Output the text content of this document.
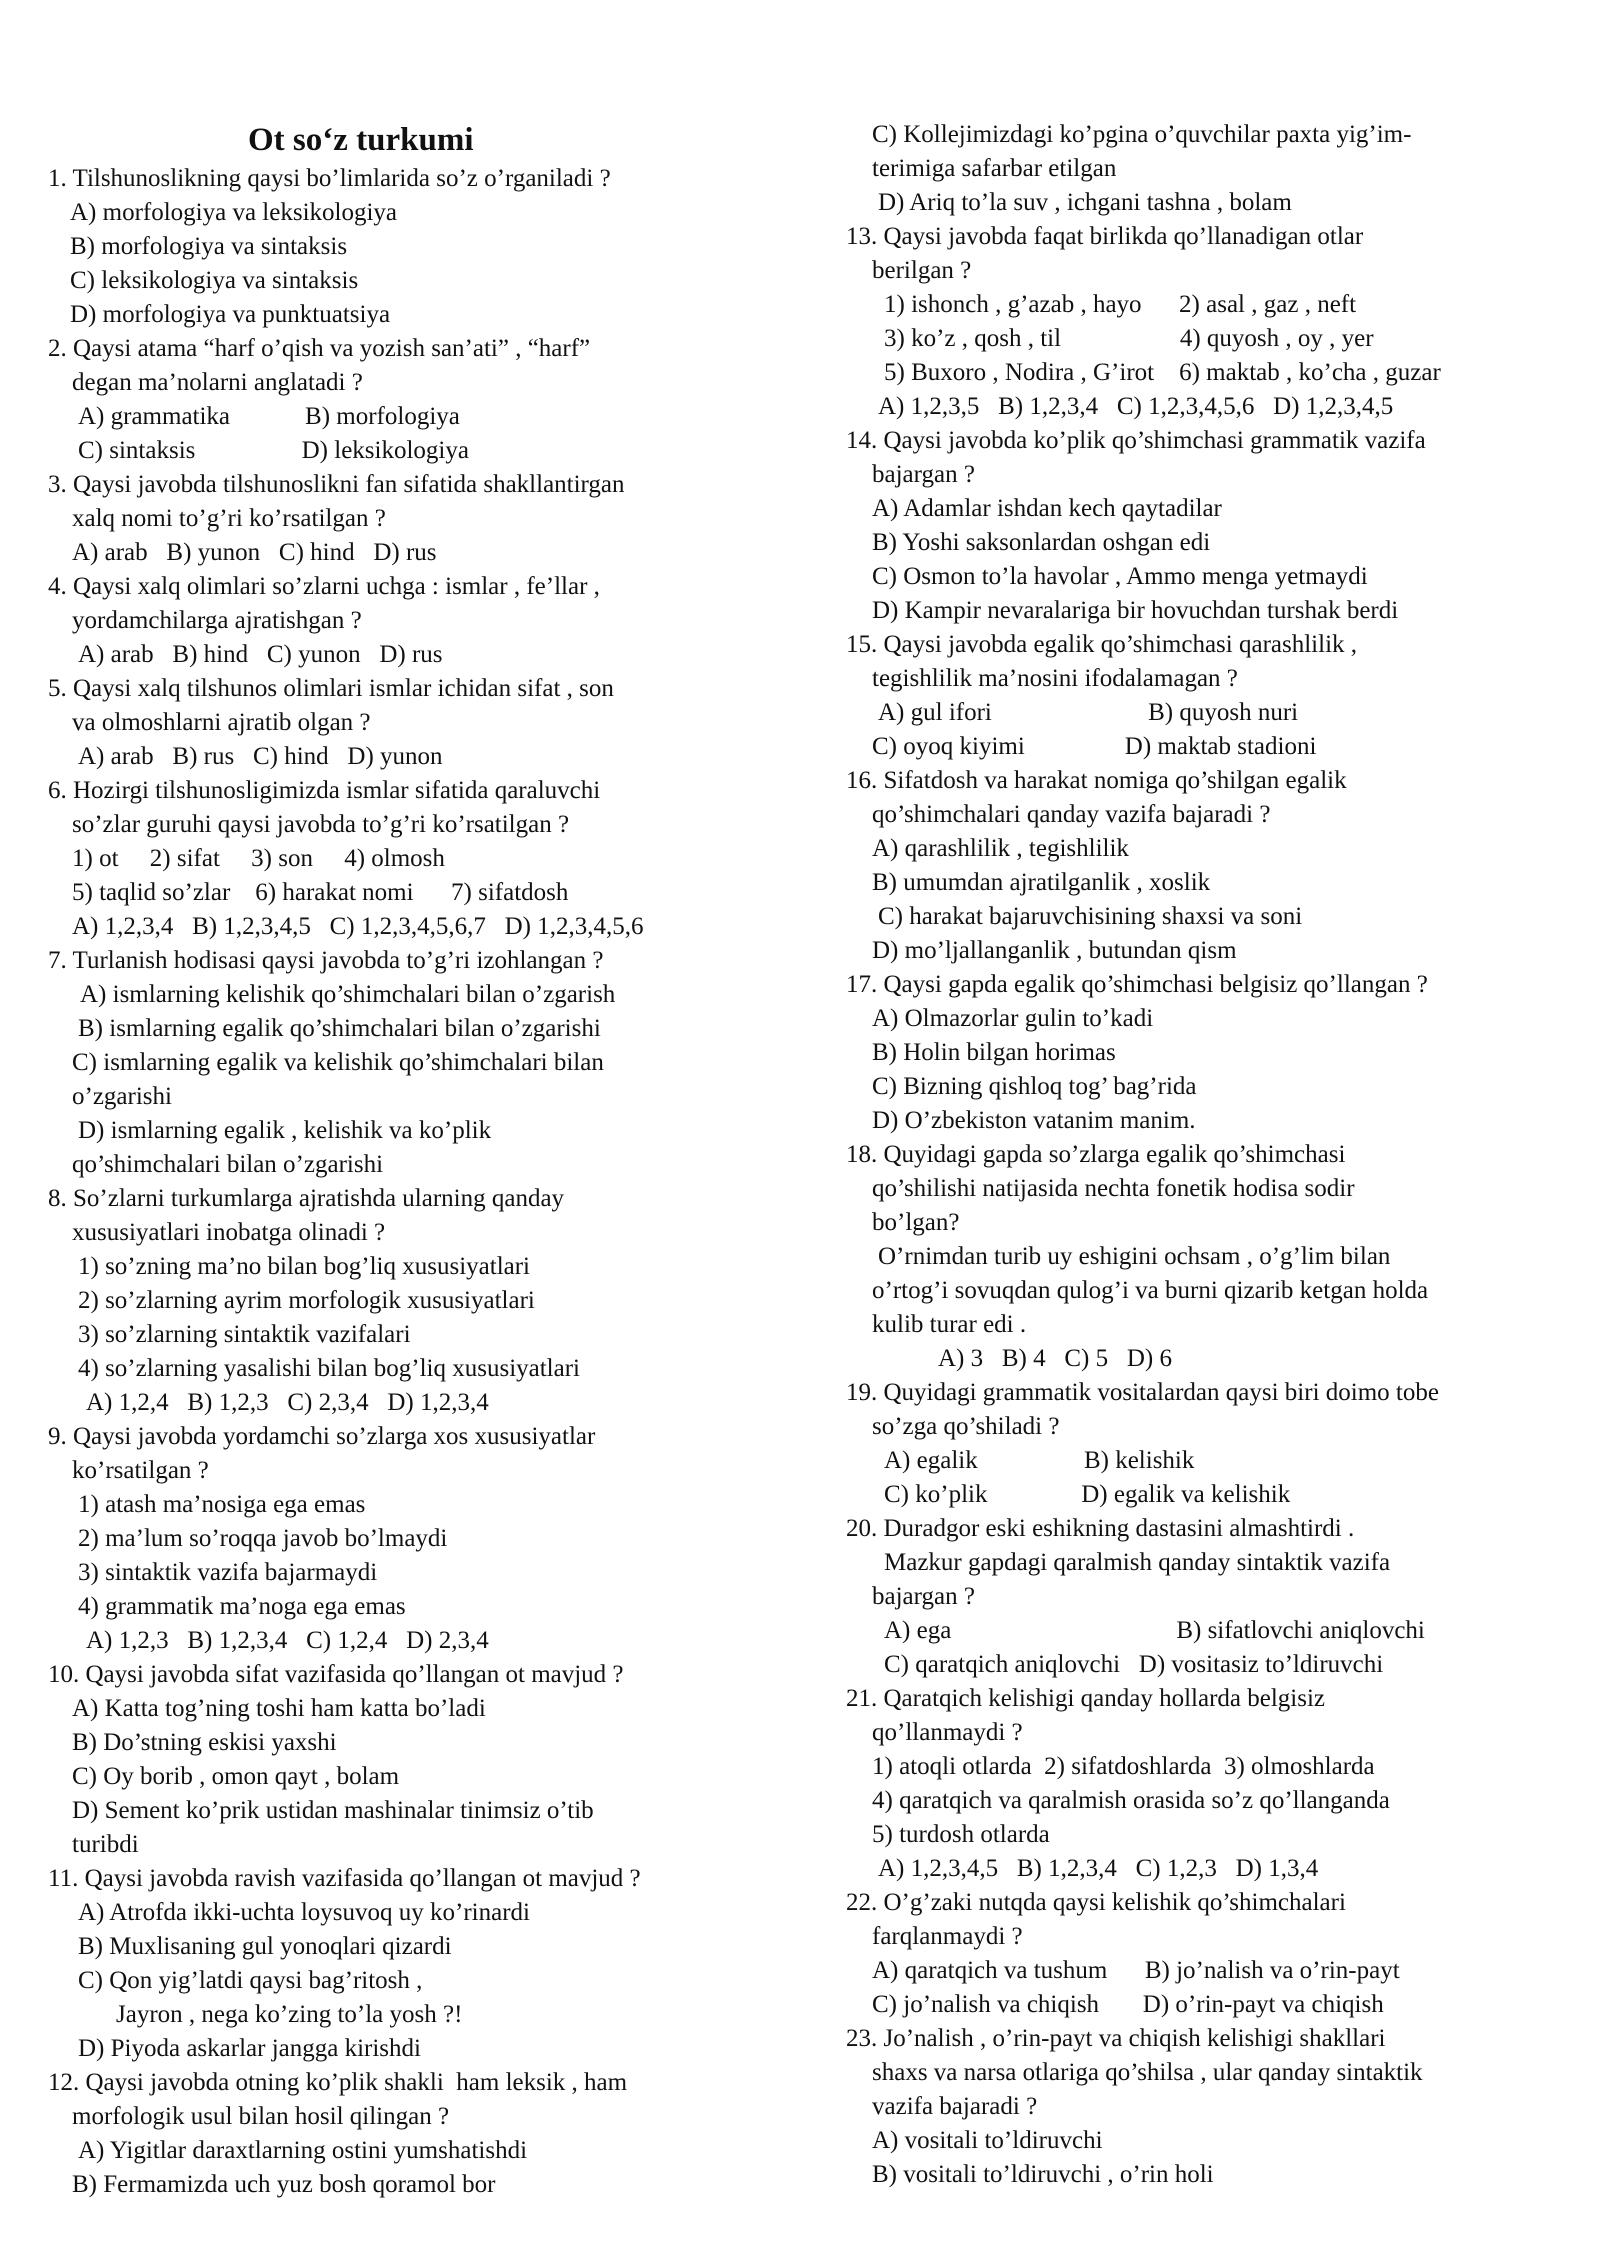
Ot so‘z turkumi
1. Tilshunoslikning qaysi bo’limlarida so’z o’rganiladi ?
A) morfologiya va leksikologiya
B) morfologiya va sintaksis
C) leksikologiya va sintaksis
D) morfologiya va punktuatsiya
2. Qaysi atama “harf o’qish va yozish san’ati” , “harf”
degan ma’nolarni anglatadi ?
A) grammatika            B) morfologiya
C) sintaksis                 D) leksikologiya
3. Qaysi javobda tilshunoslikni fan sifatida shakllantirgan
xalq nomi to’g’ri ko’rsatilgan ?
A) arab   B) yunon   C) hind   D) rus
4. Qaysi xalq olimlari so’zlarni uchga : ismlar , fe’llar ,
yordamchilarga ajratishgan ?
A) arab   B) hind   C) yunon   D) rus
5. Qaysi xalq tilshunos olimlari ismlar ichidan sifat , son
va olmoshlarni ajratib olgan ?
A) arab   B) rus   C) hind   D) yunon
6. Hozirgi tilshunosligimizda ismlar sifatida qaraluvchi
so’zlar guruhi qaysi javobda to’g’ri ko’rsatilgan ?
1) ot     2) sifat     3) son     4) olmosh
5) taqlid so’zlar    6) harakat nomi      7) sifatdosh
A) 1,2,3,4   B) 1,2,3,4,5   C) 1,2,3,4,5,6,7   D) 1,2,3,4,5,6
7. Turlanish hodisasi qaysi javobda to’g’ri izohlangan ?
A) ismlarning kelishik qo’shimchalari bilan o’zgarish
B) ismlarning egalik qo’shimchalari bilan o’zgarishi
C) ismlarning egalik va kelishik qo’shimchalari bilan
o’zgarishi
D) ismlarning egalik , kelishik va ko’plik
qo’shimchalari bilan o’zgarishi
8. So’zlarni turkumlarga ajratishda ularning qanday
xususiyatlari inobatga olinadi ?
1) so’zning ma’no bilan bog’liq xususiyatlari
2) so’zlarning ayrim morfologik xususiyatlari
3) so’zlarning sintaktik vazifalari
4) so’zlarning yasalishi bilan bog’liq xususiyatlari
A) 1,2,4   B) 1,2,3   C) 2,3,4   D) 1,2,3,4
9. Qaysi javobda yordamchi so’zlarga xos xususiyatlar
ko’rsatilgan ?
1) atash ma’nosiga ega emas
2) ma’lum so’roqqa javob bo’lmaydi
3) sintaktik vazifa bajarmaydi
4) grammatik ma’noga ega emas
A) 1,2,3   B) 1,2,3,4   C) 1,2,4   D) 2,3,4
10. Qaysi javobda sifat vazifasida qo’llangan ot mavjud ?
A) Katta tog’ning toshi ham katta bo’ladi
B) Do’stning eskisi yaxshi
C) Oy borib , omon qayt , bolam
D) Sement ko’prik ustidan mashinalar tinimsiz o’tib
turibdi
11. Qaysi javobda ravish vazifasida qo’llangan ot mavjud ?
A) Atrofda ikki-uchta loysuvoq uy ko’rinardi
B) Muxlisaning gul yonoqlari qizardi
C) Qon yig’latdi qaysi bag’ritosh ,
Jayron , nega ko’zing to’la yosh ?!
D) Piyoda askarlar jangga kirishdi
12. Qaysi javobda otning ko’plik shakli  ham leksik , ham
morfologik usul bilan hosil qilingan ?
A) Yigitlar daraxtlarning ostini yumshatishdi
B) Fermamizda uch yuz bosh qoramol bor
C) Kollejimizdagi ko’pgina o’quvchilar paxta yig’im-
terimiga safarbar etilgan
D) Ariq to’la suv , ichgani tashna , bolam
13. Qaysi javobda faqat birlikda qo’llanadigan otlar
berilgan ?
1) ishonch , g’azab , hayo      2) asal , gaz , neft
3) ko’z , qosh , til                   4) quyosh , oy , yer
5) Buxoro , Nodira , G’irot    6) maktab , ko’cha , guzar
A) 1,2,3,5   B) 1,2,3,4   C) 1,2,3,4,5,6   D) 1,2,3,4,5
14. Qaysi javobda ko’plik qo’shimchasi grammatik vazifa
bajargan ?
A) Adamlar ishdan kech qaytadilar
B) Yoshi saksonlardan oshgan edi
C) Osmon to’la havolar , Ammo menga yetmaydi
D) Kampir nevaralariga bir hovuchdan turshak berdi
15. Qaysi javobda egalik qo’shimchasi qarashlilik ,
tegishlilik ma’nosini ifodalamagan ?
A) gul ifori                         B) quyosh nuri
C) oyoq kiyimi                D) maktab stadioni
16. Sifatdosh va harakat nomiga qo’shilgan egalik
qo’shimchalari qanday vazifa bajaradi ?
A) qarashlilik , tegishlilik
B) umumdan ajratilganlik , xoslik
C) harakat bajaruvchisining shaxsi va soni
D) mo’ljallanganlik , butundan qism
17. Qaysi gapda egalik qo’shimchasi belgisiz qo’llangan ?
A) Olmazorlar gulin to’kadi
B) Holin bilgan horimas
C) Bizning qishloq tog’ bag’rida
D) O’zbekiston vatanim manim.
18. Quyidagi gapda so’zlarga egalik qo’shimchasi
qo’shilishi natijasida nechta fonetik hodisa sodir
bo’lgan?
O’rnimdan turib uy eshigini ochsam , o’g’lim bilan
o’rtog’i sovuqdan qulog’i va burni qizarib ketgan holda
kulib turar edi .
A) 3   B) 4   C) 5   D) 6
19. Quyidagi grammatik vositalardan qaysi biri doimo tobe
so’zga qo’shiladi ?
A) egalik                 B) kelishik
C) ko’plik               D) egalik va kelishik
20. Duradgor eski eshikning dastasini almashtirdi .
Mazkur gapdagi qaralmish qanday sintaktik vazifa
bajargan ?
A) ega                                    B) sifatlovchi aniqlovchi
C) qaratqich aniqlovchi   D) vositasiz to’ldiruvchi
21. Qaratqich kelishigi qanday hollarda belgisiz
qo’llanmaydi ?
1) atoqli otlarda  2) sifatdoshlarda  3) olmoshlarda
4) qaratqich va qaralmish orasida so’z qo’llanganda
5) turdosh otlarda
A) 1,2,3,4,5   B) 1,2,3,4   C) 1,2,3   D) 1,3,4
22. O’g’zaki nutqda qaysi kelishik qo’shimchalari
farqlanmaydi ?
A) qaratqich va tushum      B) jo’nalish va o’rin-payt
C) jo’nalish va chiqish       D) o’rin-payt va chiqish
23. Jo’nalish , o’rin-payt va chiqish kelishigi shakllari
shaxs va narsa otlariga qo’shilsa , ular qanday sintaktik
vazifa bajaradi ?
A) vositali to’ldiruvchi
B) vositali to’ldiruvchi , o’rin holi
